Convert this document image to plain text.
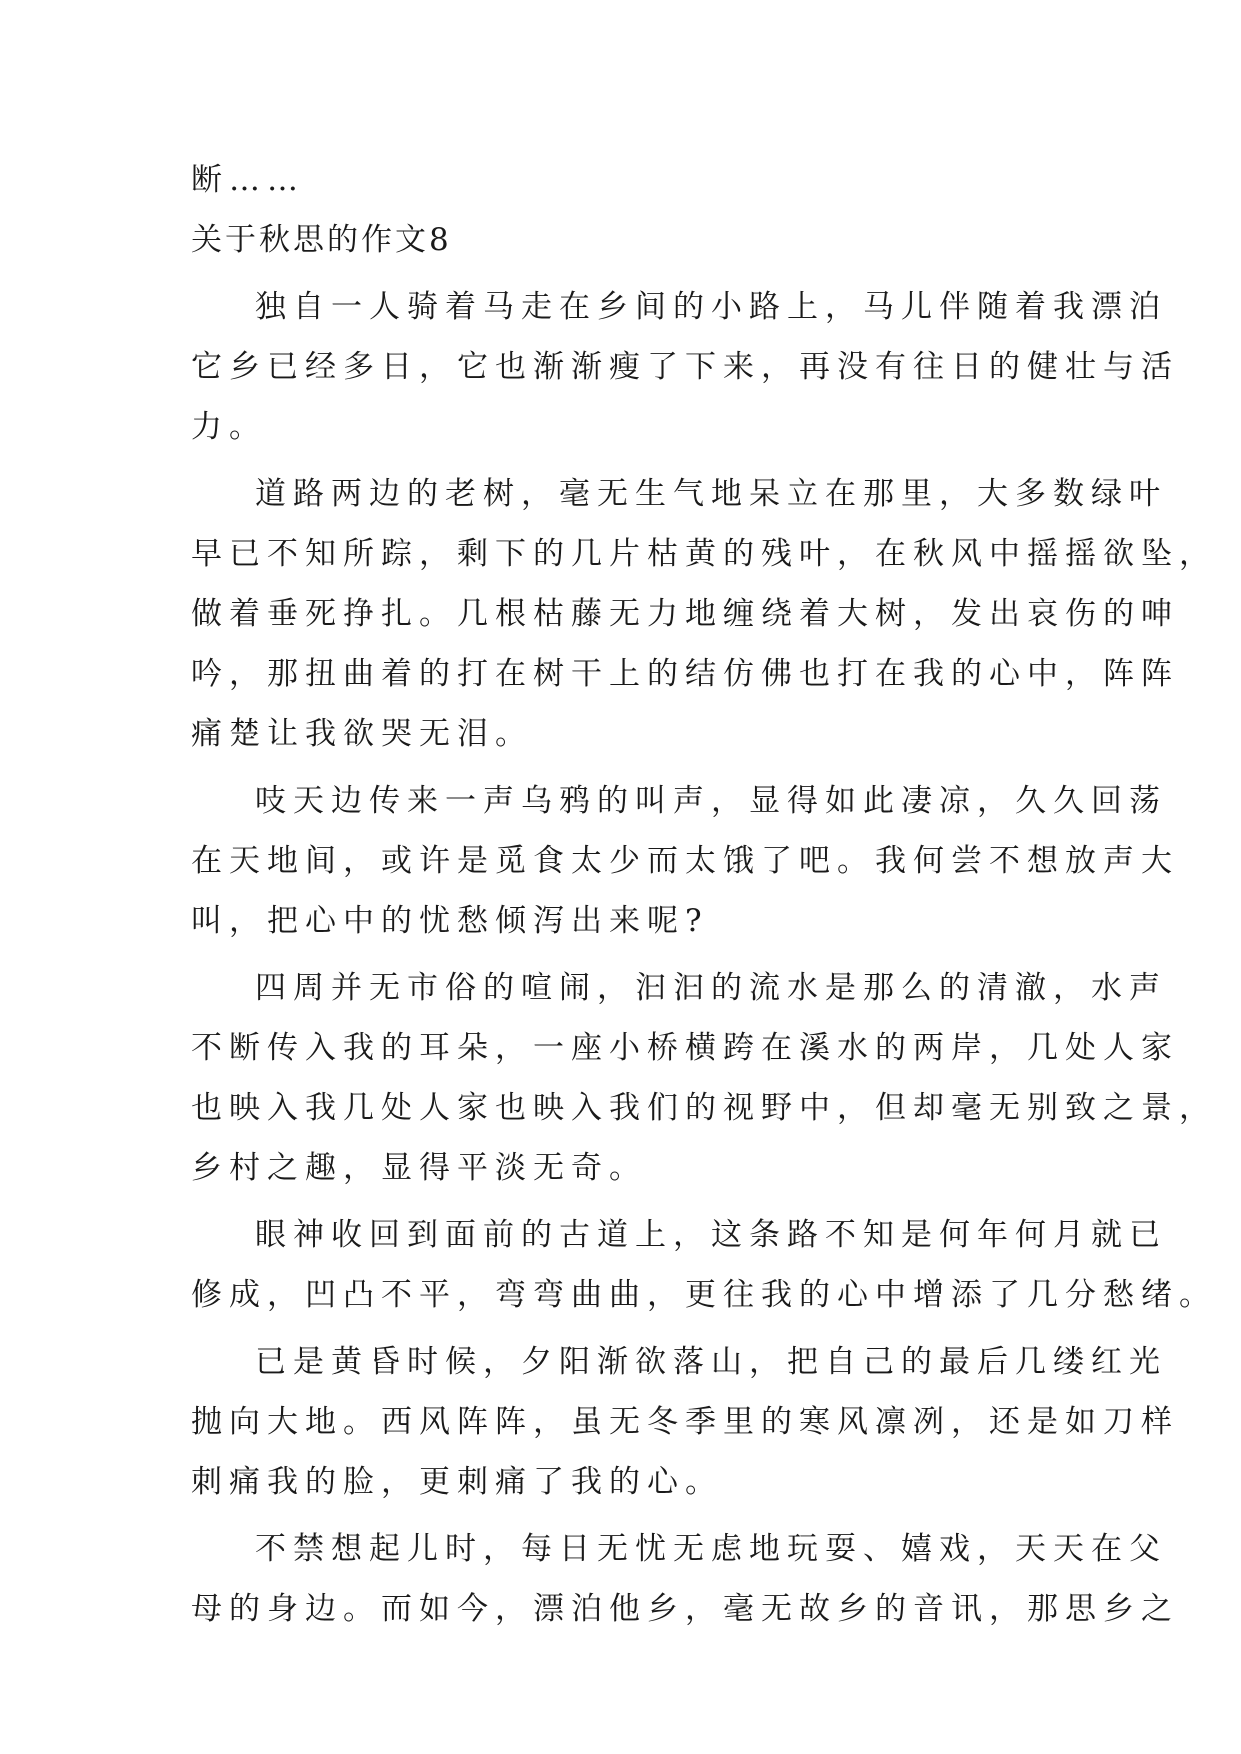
断……
关于秋思的作文8
独自一人骑着马走在乡间的小路上，马儿伴随着我漂泊
它乡已经多日，它也渐渐瘦了下来，再没有往日的健壮与活
力。
道路两边的老树，毫无生气地呆立在那里，大多数绿叶
早已不知所踪，剩下的几片枯黄的残叶，在秋风中摇摇欲坠，
做着垂死挣扎。几根枯藤无力地缠绕着大树，发出哀伤的呻
吟，那扭曲着的打在树干上的结仿佛也打在我的心中，阵阵
痛楚让我欲哭无泪。
吱天边传来一声乌鸦的叫声，显得如此凄凉，久久回荡
在天地间，或许是觅食太少而太饿了吧。我何尝不想放声大
叫，把心中的忧愁倾泻出来呢?
四周并无市俗的喧闹，汩汩的流水是那么的清澈，水声
不断传入我的耳朵，一座小桥横跨在溪水的两岸，几处人家
也映入我几处人家也映入我们的视野中，但却毫无别致之景，
乡村之趣，显得平淡无奇。
眼神收回到面前的古道上，这条路不知是何年何月就已
修成，凹凸不平，弯弯曲曲，更往我的心中增添了几分愁绪。
已是黄昏时候，夕阳渐欲落山，把自己的最后几缕红光
抛向大地。西风阵阵，虽无冬季里的寒风凛冽，还是如刀样
刺痛我的脸，更刺痛了我的心。
不禁想起儿时，每日无忧无虑地玩耍、嬉戏，天天在父
母的身边。而如今，漂泊他乡，毫无故乡的音讯，那思乡之
